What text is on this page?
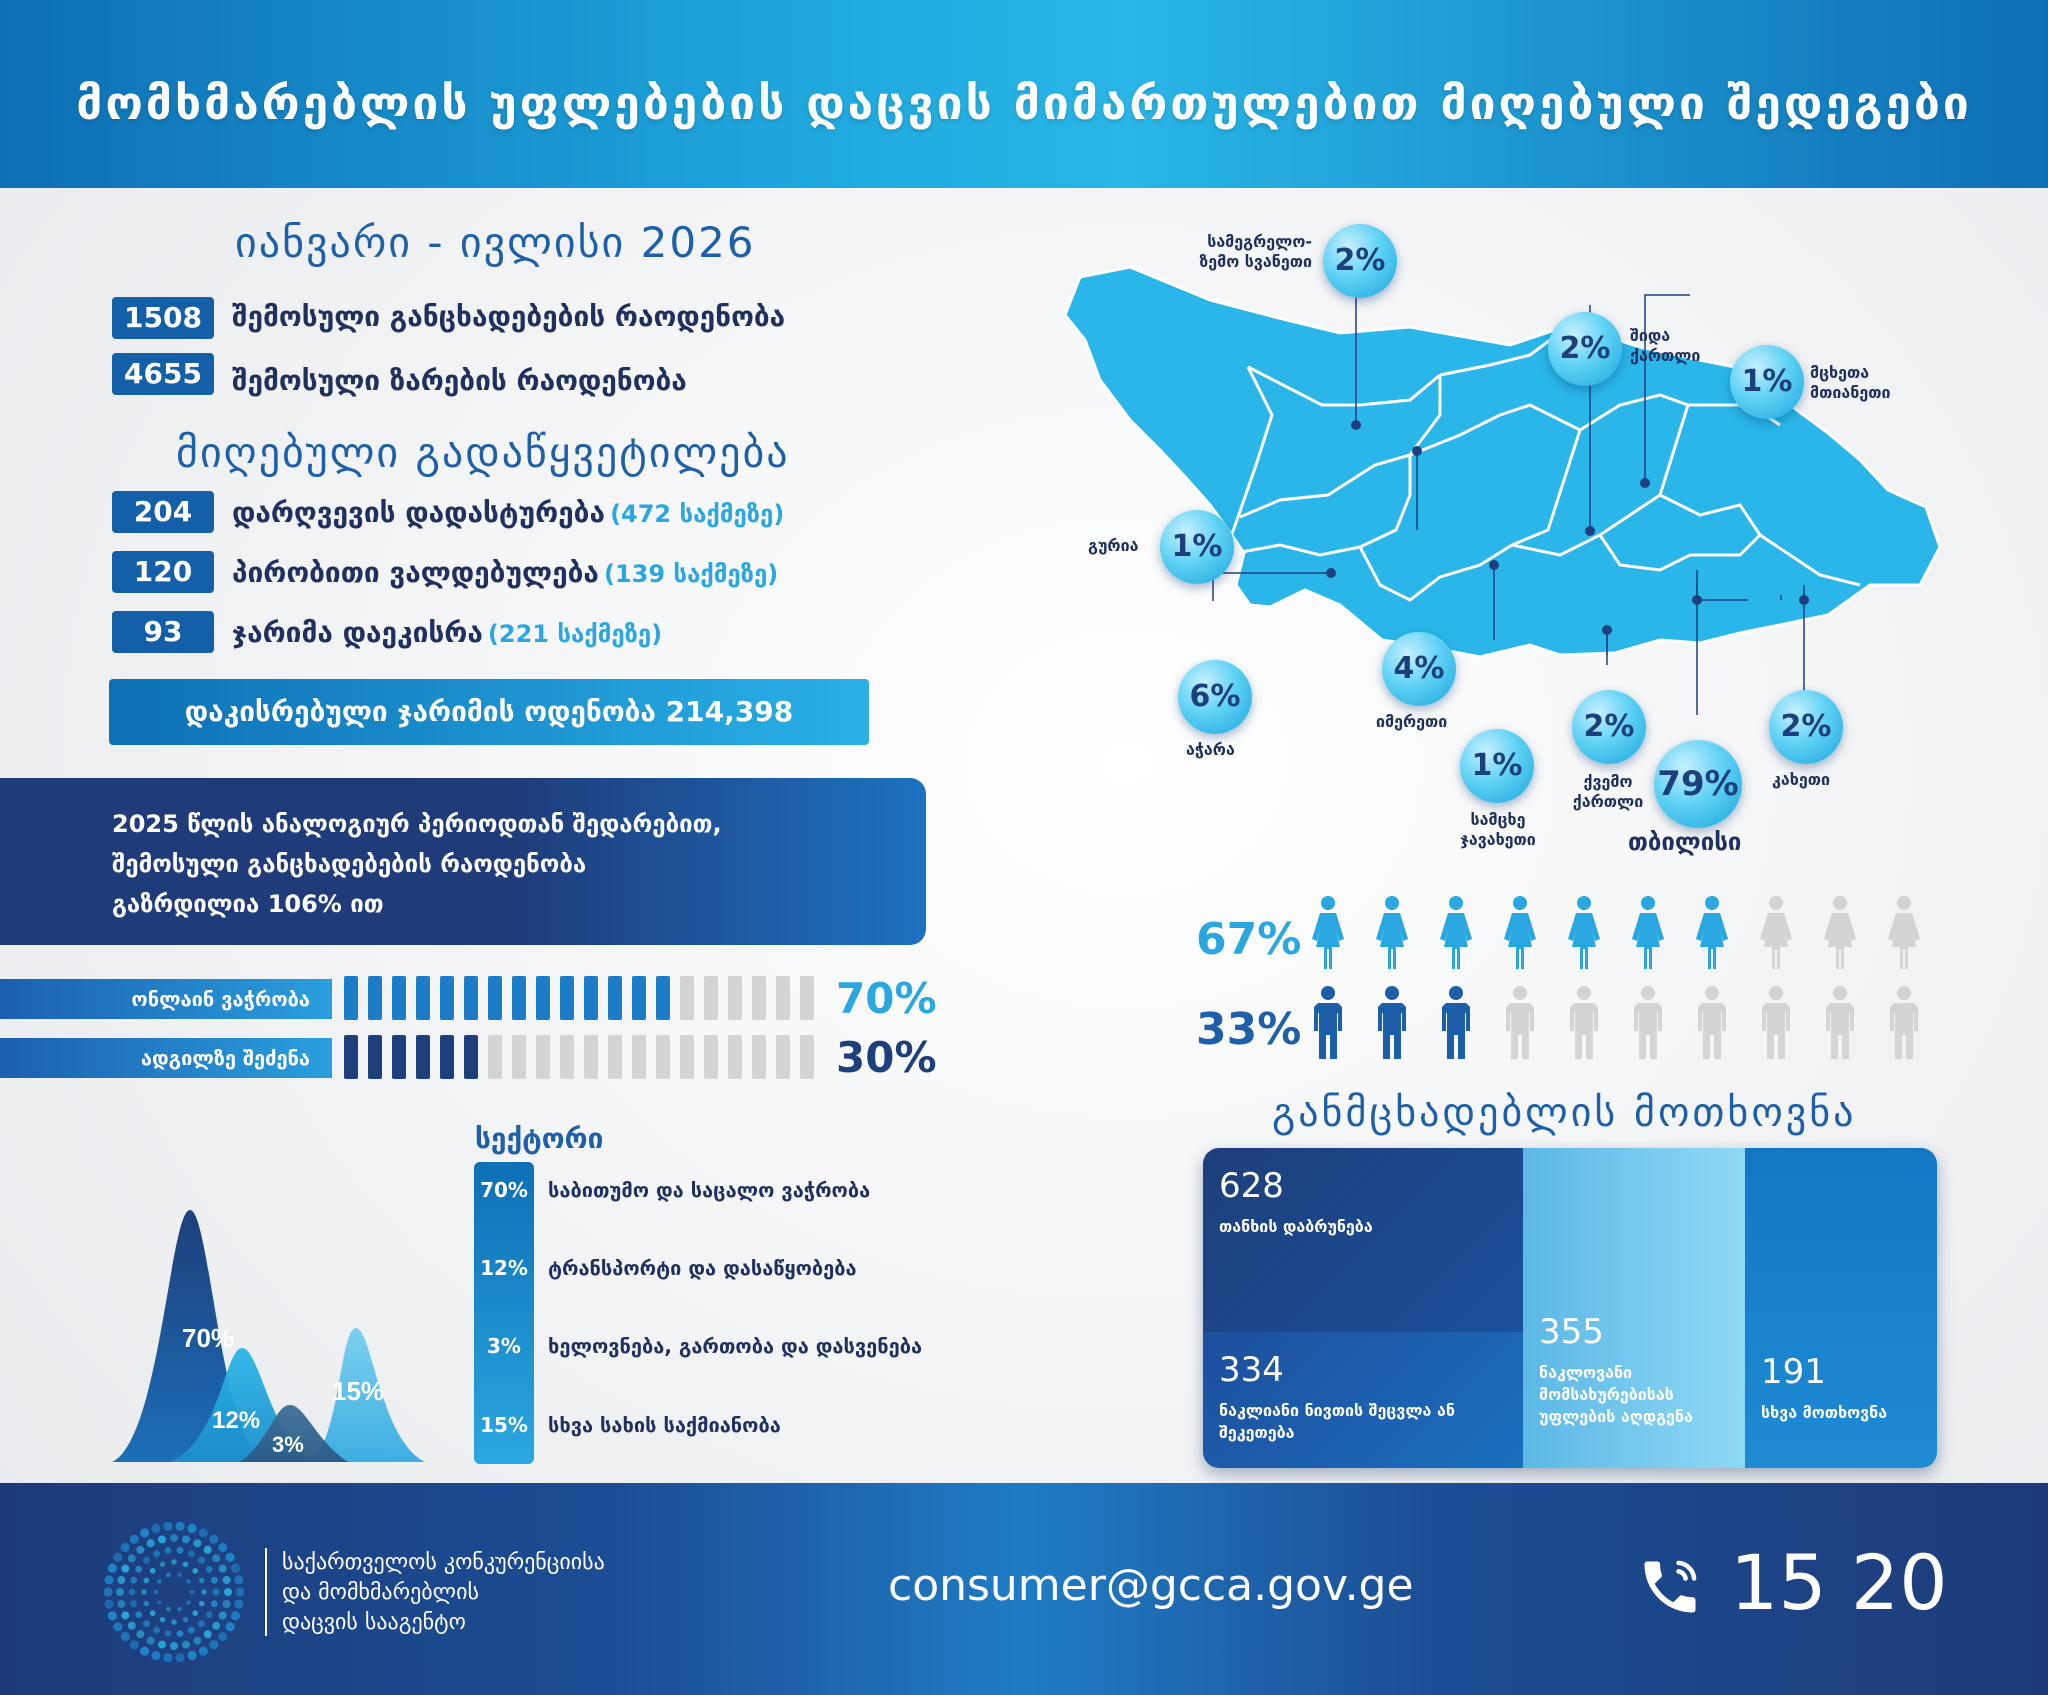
მომხმარებლის უფლებების დაცვის მიმართულებით მიღებული შედეგები
იანვარი - ივლისი 2026
1508	შემოსული განცხადებების რაოდენობა
4655	შემოსული ზარების რაოდენობა
მიღებული გადაწყვეტილება
204	დარღვევის დადასტურება (472 საქმეზე)
120	პირობითი ვალდებულება (139 საქმეზე)
93	ჯარიმა დაეკისრა (221 საქმეზე)
დაკისრებული ჯარიმის ოდენობა 214,398
2025 წლის ანალოგიურ პერიოდთან შედარებით,
შემოსული განცხადებების რაოდენობა
გაზრდილია 106% ით
ონლაინ ვაჭრობა	70%
ადგილზე შეძენა	30%
70%
12%
3%
15%
სექტორი
70%	საბითუმო და საცალო ვაჭრობა
12%	ტრანსპორტი და დასაწყობება
3%	ხელოვნება, გართობა და დასვენება
15%	სხვა სახის საქმიანობა
2%
სამეგრელო-
ზემო სვანეთი
2%	შიდა
ქართლი
1%	მცხეთა
მთიანეთი
1%
გურია
6%
აჭარა
4%
იმერეთი
1%
სამცხე
ჯავახეთი
2%
ქვემო
ქართლი 79%
თბილისი
2%
კახეთი
67%
33%
განმცხადებლის მოთხოვნა
628
თანხის დაბრუნება
334
ნაკლიანი ნივთის შეცვლა ან შეკეთება
355
ნაკლოვანი მომსახურებისას უფლების აღდგენა
191
სხვა მოთხოვნა
საქართველოს კონკურენციისა
და მომხმარებლის
დაცვის სააგენტო
consumer@gcca.gov.ge	15 20
